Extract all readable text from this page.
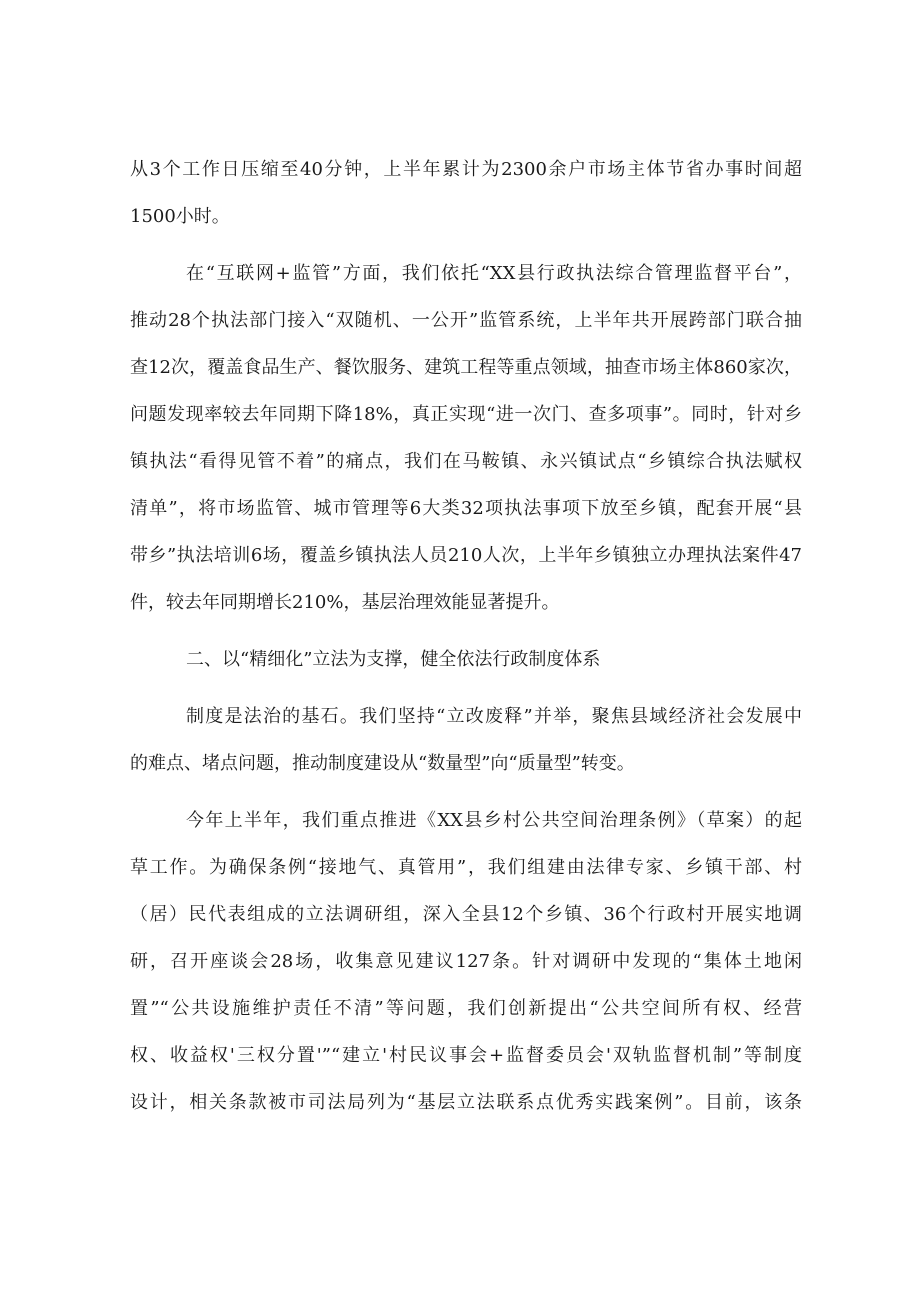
从3个工作日压缩至40分钟，上半年累计为2300余户市场主体节省办事时间超
1500小时。
在“互联网+监管”方面，我们依托“XX县行政执法综合管理监督平台”，
推动28个执法部门接入“双随机、一公开”监管系统，上半年共开展跨部门联合抽
查12次，覆盖食品生产、餐饮服务、建筑工程等重点领域，抽查市场主体860家次，
问题发现率较去年同期下降18%，真正实现“进一次门、查多项事”。同时，针对乡
镇执法“看得见管不着”的痛点，我们在马鞍镇、永兴镇试点“乡镇综合执法赋权
清单”，将市场监管、城市管理等6大类32项执法事项下放至乡镇，配套开展“县
带乡”执法培训6场，覆盖乡镇执法人员210人次，上半年乡镇独立办理执法案件47
件，较去年同期增长210%，基层治理效能显著提升。
二、以“精细化”立法为支撑，健全依法行政制度体系
制度是法治的基石。我们坚持“立改废释”并举，聚焦县域经济社会发展中
的难点、堵点问题，推动制度建设从“数量型”向“质量型”转变。
今年上半年，我们重点推进《XX县乡村公共空间治理条例》（草案）的起
草工作。为确保条例“接地气、真管用”，我们组建由法律专家、乡镇干部、村
（居）民代表组成的立法调研组，深入全县12个乡镇、36个行政村开展实地调
研，召开座谈会28场，收集意见建议127条。针对调研中发现的“集体土地闲
置”“公共设施维护责任不清”等问题，我们创新提出“公共空间所有权、经营
权、收益权'三权分置'”“建立'村民议事会+监督委员会'双轨监督机制”等制度
设计，相关条款被市司法局列为“基层立法联系点优秀实践案例”。目前，该条
